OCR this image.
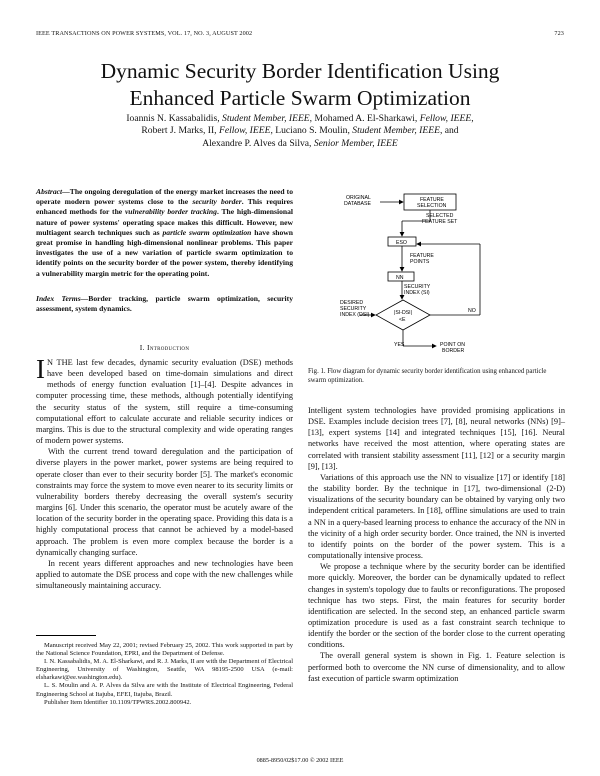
IEEE TRANSACTIONS ON POWER SYSTEMS, VOL. 17, NO. 3, AUGUST 2002	723
Dynamic Security Border Identification Using
Enhanced Particle Swarm Optimization
Ioannis N. Kassabalidis, Student Member, IEEE, Mohamed A. El-Sharkawi, Fellow, IEEE,
Robert J. Marks, II, Fellow, IEEE, Luciano S. Moulin, Student Member, IEEE, and
Alexandre P. Alves da Silva, Senior Member, IEEE
Abstract—The ongoing deregulation of the energy market increases the need to operate modern power systems close to the security border. This requires enhanced methods for the vulnerability border tracking. The high-dimensional nature of power systems' operating space makes this difficult. However, new multiagent search techniques such as particle swarm optimization have shown great promise in handling high-dimensional nonlinear problems. This paper investigates the use of a new variation of particle swarm optimization to identify points on the security border of the power system, thereby identifying a vulnerability margin metric for the operating point.
Index Terms—Border tracking, particle swarm optimization, security assessment, system dynamics.
I. Introduction

I N THE last few decades, dynamic security evaluation (DSE) methods have been developed based on time-domain simulations and direct methods of energy function evaluation [1]–[4]. Despite advances in computer processing time, these methods, although potentially identifying the security status of the system, still require a time-consuming computational effort to calculate accurate and reliable security indices or margins. This is due to the structural complexity and wide operating ranges of modern power systems.

With the current trend toward deregulation and the participation of diverse players in the power market, power systems are being required to operate closer than ever to their security border [5]. The market's economic constraints may force the system to move even nearer to its security limits or vulnerability borders thereby decreasing the overall system's security margins [6]. Under this scenario, the operator must be acutely aware of the location of the security border in the operating space. Providing this data is a highly computational process that cannot be achieved by a model-based approach. The problem is even more complex because the border is a dynamically changing surface.

In recent years different approaches and new technologies have been applied to automate the DSE process and cope with the new challenges while simultaneously maintaining accuracy.

Manuscript received May 22, 2001; revised February 25, 2002. This work supported in part by the National Science Foundation, EPRI, and the Department of Defense.

I. N. Kassabalidis, M. A. El-Sharkawi, and R. J. Marks, II are with the Department of Electrical Engineering, University of Washington, Seattle, WA 98195-2500 USA (e-mail: elsharkawi@ee.washington.edu).

L. S. Moulin and A. P. Alves da Silva are with the Institute of Electrical Engineering, Federal Engineering School at Itajuba, EFEI, Itajuba, Brazil.

Publisher Item Identifier 10.1109/TPWRS.2002.800942.

ORIGINAL
DATABASE
FEATURE
SELECTION
SELECTED
FEATURE SET
ESO
FEATURE
POINTS
NN
SECURITY
INDEX (SI)
DESIRED
SECURITY
INDEX (DSI)	|SI-DSI|
<E
YES
NO
POINT ON
BORDER
Fig. 1. Flow diagram for dynamic security border identification using enhanced particle swarm optimization.

Intelligent system technologies have provided promising applications in DSE. Examples include decision trees [7], [8], neural networks (NNs) [9]–[13], expert systems [14] and integrated techniques [15], [16]. Neural networks have received the most attention, where operating states are correlated with transient stability assessment [11], [12] or a security margin [9], [13].

Variations of this approach use the NN to visualize [17] or identify [18] the stability border. By the technique in [17], two-dimensional (2-D) visualizations of the security boundary can be obtained by varying only two independent critical parameters. In [18], offline simulations are used to train a NN in a query-based learning process to enhance the accuracy of the NN in the vicinity of a high order security border. Once trained, the NN is inverted to identify points on the border of the power system. This is a computationally intensive process.

We propose a technique where by the security border can be identified more quickly. Moreover, the border can be dynamically updated to reflect changes in system's topology due to faults or reconfigurations. The proposed technique has two steps. First, the main features for security border identification are selected. In the second step, an enhanced particle swarm optimization procedure is used as a fast constraint search technique to identify the border or the section of the border close to the current operating conditions.

The overall general system is shown in Fig. 1. Feature selection is performed both to overcome the NN curse of dimensionality, and to allow fast execution of particle swarm optimization

0885-8950/02$17.00 © 2002 IEEE
